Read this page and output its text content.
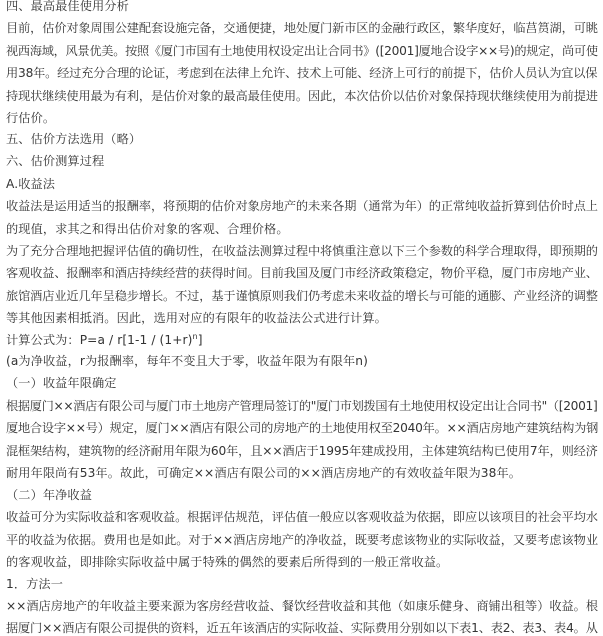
四、最高最佳使用分析
目前，估价对象周围公建配套设施完备，交通便捷，地处厦门新市区的金融行政区，繁华度好，临莒筼湖，可眺
视西海域，风景优美。按照《厦门市国有土地使用权设定出让合同书》([2001]厦地合设字××号)的规定，尚可使
用38年。经过充分合理的论证，考虑到在法律上允许、技术上可能、经济上可行的前提下，估价人员认为宜以保
持现状继续使用最为有利，是估价对象的最高最佳使用。因此，本次估价以估价对象保持现状继续使用为前提进
行估价。
五、估价方法选用（略）
六、估价测算过程
A.收益法
收益法是运用适当的报酬率，将预期的估价对象房地产的未来各期（通常为年）的正常纯收益折算到估价时点上
的现值，求其之和得出估价对象的客观、合理价格。
为了充分合理地把握评估值的确切性，在收益法测算过程中将慎重注意以下三个参数的科学合理取得，即预期的
客观收益、报酬率和酒店持续经营的获得时间。目前我国及厦门市经济政策稳定，物价平稳，厦门市房地产业、
旅馆酒店业近几年呈稳步增长。不过，基于谨慎原则我们仍考虑未来收益的增长与可能的通膨、产业经济的调整
等其他因素相抵消。因此，选用对应的有限年的收益法公式进行计算。
计算公式为：$P=a / r[1-1 / (1+r)^n]$
(a为净收益，r为报酬率，每年不变且大于零，收益年限为有限年n)
（一）收益年限确定
根据厦门××酒店有限公司与厦门市土地房产管理局签订的"厦门市划拨国有土地使用权设定出让合同书"（[2001]
厦地合设字××号）规定，厦门××酒店有限公司的房地产的土地使用权至2040年。××酒店房地产建筑结构为钢
混框架结构，建筑物的经济耐用年限为60年，且××酒店于1995年建成投用，主体建筑结构已使用7年，则经济
耐用年限尚有53年。故此，可确定××酒店有限公司的××酒店房地产的有效收益年限为38年。
（二）年净收益
收益可分为实际收益和客观收益。根据评估规范，评估值一般应以客观收益为依据，即应以该项目的社会平均水
平的收益为依据。费用也是如此。对于××酒店房地产的净收益，既要考虑该物业的实际收益，又要考虑该物业
的客观收益，即排除实际收益中属于特殊的偶然的要素后所得到的一般正常收益。
1．方法一
××酒店房地产的年收益主要来源为客房经营收益、餐饮经营收益和其他（如康乐健身、商铺出租等）收益。根
据厦门××酒店有限公司提供的资料，近五年该酒店的实际收益、实际费用分别如以下表1、表2、表3、表4。从
